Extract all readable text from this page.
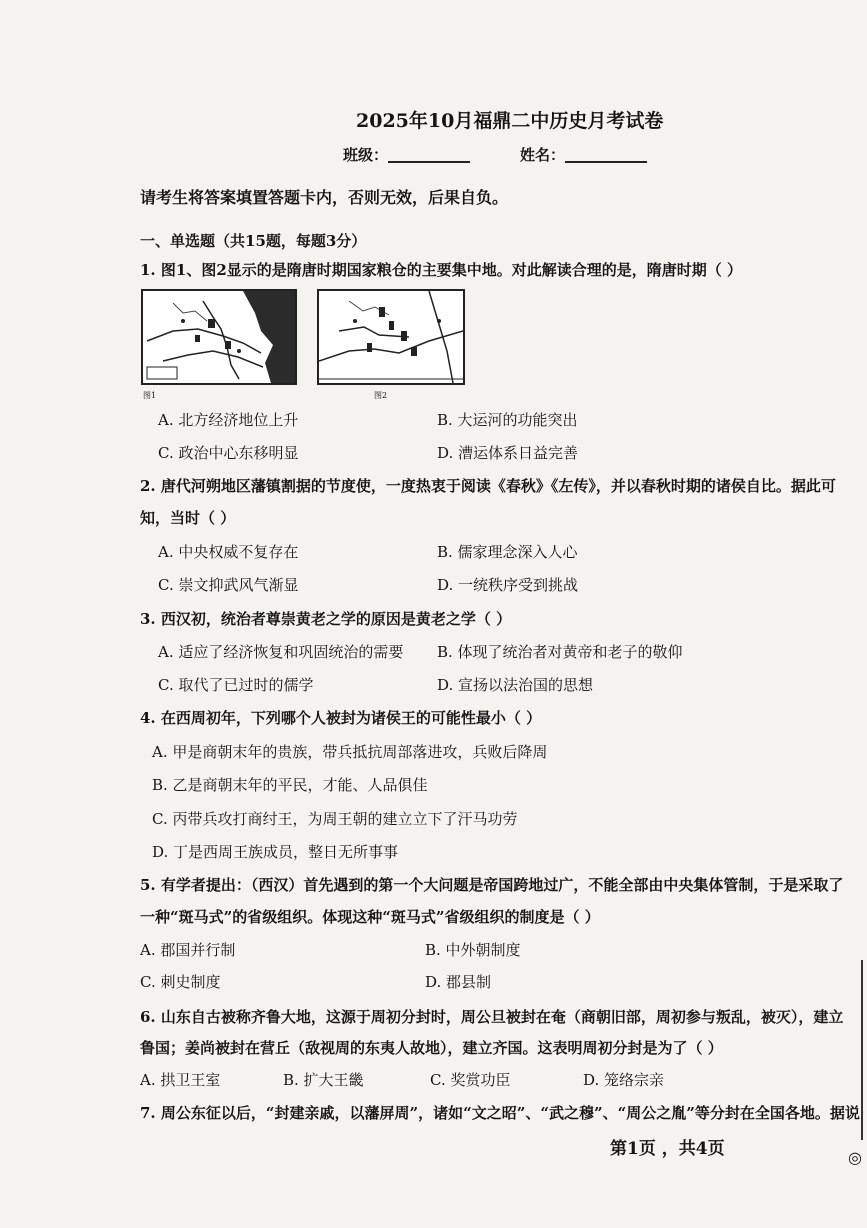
2025年10月福鼎二中历史月考试卷
班级：	姓名：
请考生将答案填置答题卡内，否则无效，后果自负。
一、单选题（共15题，每题3分）
1. 图1、图2显示的是隋唐时期国家粮仓的主要集中地。对此解读合理的是，隋唐时期（ ）
图1	图2
A. 北方经济地位上升	B. 大运河的功能突出
C. 政治中心东移明显	D. 漕运体系日益完善
2. 唐代河朔地区藩镇割据的节度使，一度热衷于阅读《春秋》《左传》，并以春秋时期的诸侯自比。据此可
知，当时（ ）
A. 中央权威不复存在	B. 儒家理念深入人心
C. 崇文抑武风气渐显	D. 一统秩序受到挑战
3. 西汉初，统治者尊崇黄老之学的原因是黄老之学（ ）
A. 适应了经济恢复和巩固统治的需要 B. 体现了统治者对黄帝和老子的敬仰
C. 取代了已过时的儒学	D. 宣扬以法治国的思想
4. 在西周初年，下列哪个人被封为诸侯王的可能性最小（ ）
A. 甲是商朝末年的贵族，带兵抵抗周部落进攻，兵败后降周
B. 乙是商朝末年的平民，才能、人品俱佳
C. 丙带兵攻打商纣王，为周王朝的建立立下了汗马功劳
D. 丁是西周王族成员，整日无所事事
5. 有学者提出：（西汉）首先遇到的第一个大问题是帝国跨地过广，不能全部由中央集体管制，于是采取了
一种“斑马式”的省级组织。体现这种“斑马式”省级组织的制度是（ ）
A. 郡国并行制	B. 中外朝制度
C. 刺史制度	D. 郡县制
6. 山东自古被称齐鲁大地，这源于周初分封时，周公旦被封在奄（商朝旧部，周初参与叛乱，被灭），建立
鲁国；姜尚被封在营丘（敌视周的东夷人故地），建立齐国。这表明周初分封是为了（ ）
A. 拱卫王室	B. 扩大王畿	C. 奖赏功臣	D. 笼络宗亲
7. 周公东征以后，“封建亲戚，以藩屏周”，诸如“文之昭”、“武之穆”、“周公之胤”等分封在全国各地。据说
第1页 ，共4页	◎
